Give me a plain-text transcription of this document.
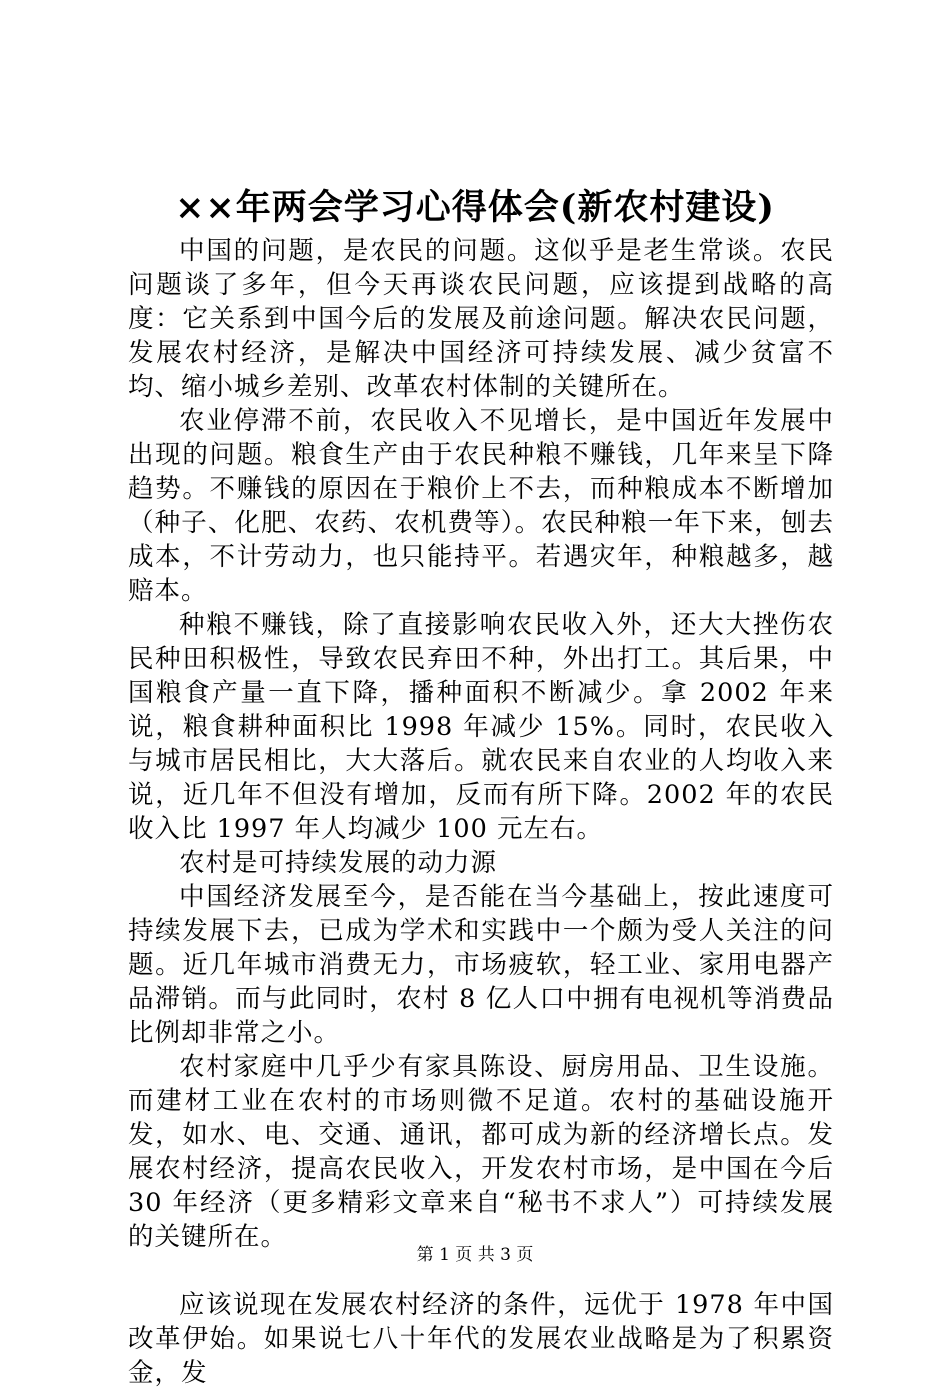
××年两会学习心得体会(新农村建设)

中国的问题，是农民的问题。这似乎是老生常谈。农民问题谈了多年，但今天再谈农民问题，应该提到战略的高度：它关系到中国今后的发展及前途问题。解决农民问题，发展农村经济，是解决中国经济可持续发展、减少贫富不均、缩小城乡差别、改革农村体制的关键所在。

农业停滞不前，农民收入不见增长，是中国近年发展中出现的问题。粮食生产由于农民种粮不赚钱，几年来呈下降趋势。不赚钱的原因在于粮价上不去，而种粮成本不断增加（种子、化肥、农药、农机费等）。农民种粮一年下来，刨去成本，不计劳动力，也只能持平。若遇灾年，种粮越多，越赔本。

种粮不赚钱，除了直接影响农民收入外，还大大挫伤农民种田积极性，导致农民弃田不种，外出打工。其后果，中国粮食产量一直下降，播种面积不断减少。拿 2002 年来说，粮食耕种面积比 1998 年减少 15%。同时，农民收入与城市居民相比，大大落后。就农民来自农业的人均收入来说，近几年不但没有增加，反而有所下降。2002 年的农民收入比 1997 年人均减少 100 元左右。

农村是可持续发展的动力源

中国经济发展至今，是否能在当今基础上，按此速度可持续发展下去，已成为学术和实践中一个颇为受人关注的问题。近几年城市消费无力，市场疲软，轻工业、家用电器产品滞销。而与此同时，农村 8 亿人口中拥有电视机等消费品比例却非常之小。

农村家庭中几乎少有家具陈设、厨房用品、卫生设施。而建材工业在农村的市场则微不足道。农村的基础设施开发，如水、电、交通、通讯，都可成为新的经济增长点。发展农村经济，提高农民收入，开发农村市场，是中国在今后 30 年经济（更多精彩文章来自“秘书不求人”）可持续发展的关键所在。

应该说现在发展农村经济的条件，远优于 1978 年中国改革伊始。如果说七八十年代的发展农业战略是为了积累资金，发

第 1 页 共 3 页
